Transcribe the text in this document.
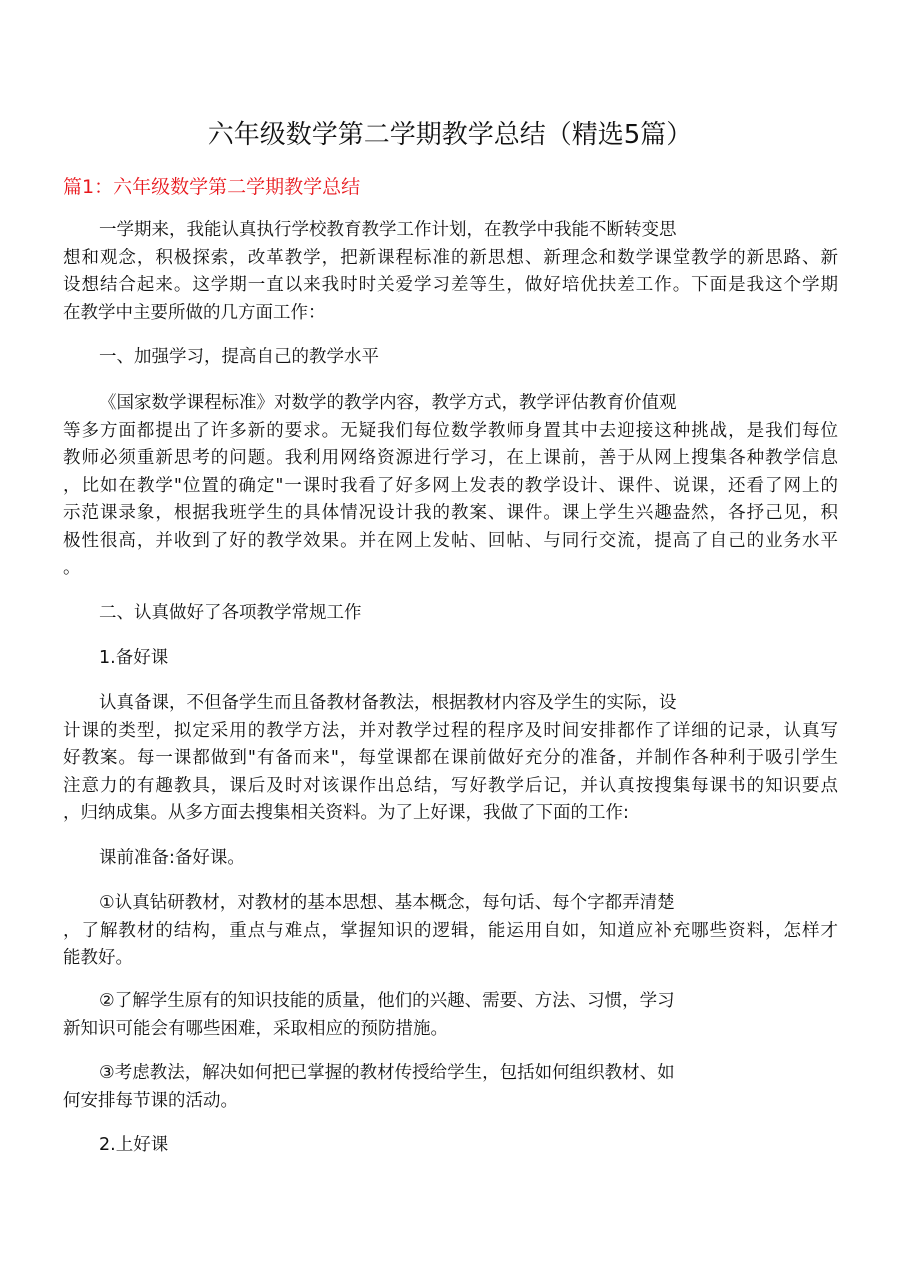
六年级数学第二学期教学总结（精选5篇）
篇1：六年级数学第二学期教学总结
一学期来，我能认真执行学校教育教学工作计划，在教学中我能不断转变思
想和观念，积极探索，改革教学，把新课程标准的新思想、新理念和数学课堂教学的新思路、新
设想结合起来。这学期一直以来我时时关爱学习差等生，做好培优扶差工作。下面是我这个学期
在教学中主要所做的几方面工作：
一、加强学习，提高自己的教学水平
《国家数学课程标准》对数学的教学内容，教学方式，教学评估教育价值观
等多方面都提出了许多新的要求。无疑我们每位数学教师身置其中去迎接这种挑战，是我们每位
教师必须重新思考的问题。我利用网络资源进行学习，在上课前，善于从网上搜集各种教学信息
，比如在教学"位置的确定"一课时我看了好多网上发表的教学设计、课件、说课，还看了网上的
示范课录象，根据我班学生的具体情况设计我的教案、课件。课上学生兴趣盎然，各抒己见，积
极性很高，并收到了好的教学效果。并在网上发帖、回帖、与同行交流，提高了自己的业务水平
。
二、认真做好了各项教学常规工作
1.备好课
认真备课，不但备学生而且备教材备教法，根据教材内容及学生的实际，设
计课的类型，拟定采用的教学方法，并对教学过程的程序及时间安排都作了详细的记录，认真写
好教案。每一课都做到"有备而来"，每堂课都在课前做好充分的准备，并制作各种利于吸引学生
注意力的有趣教具，课后及时对该课作出总结，写好教学后记，并认真按搜集每课书的知识要点
，归纳成集。从多方面去搜集相关资料。为了上好课，我做了下面的工作:
课前准备:备好课。
①认真钻研教材，对教材的基本思想、基本概念，每句话、每个字都弄清楚
，了解教材的结构，重点与难点，掌握知识的逻辑，能运用自如，知道应补充哪些资料，怎样才
能教好。
②了解学生原有的知识技能的质量，他们的兴趣、需要、方法、习惯，学习
新知识可能会有哪些困难，采取相应的预防措施。
③考虑教法，解决如何把已掌握的教材传授给学生，包括如何组织教材、如
何安排每节课的活动。
2.上好课
